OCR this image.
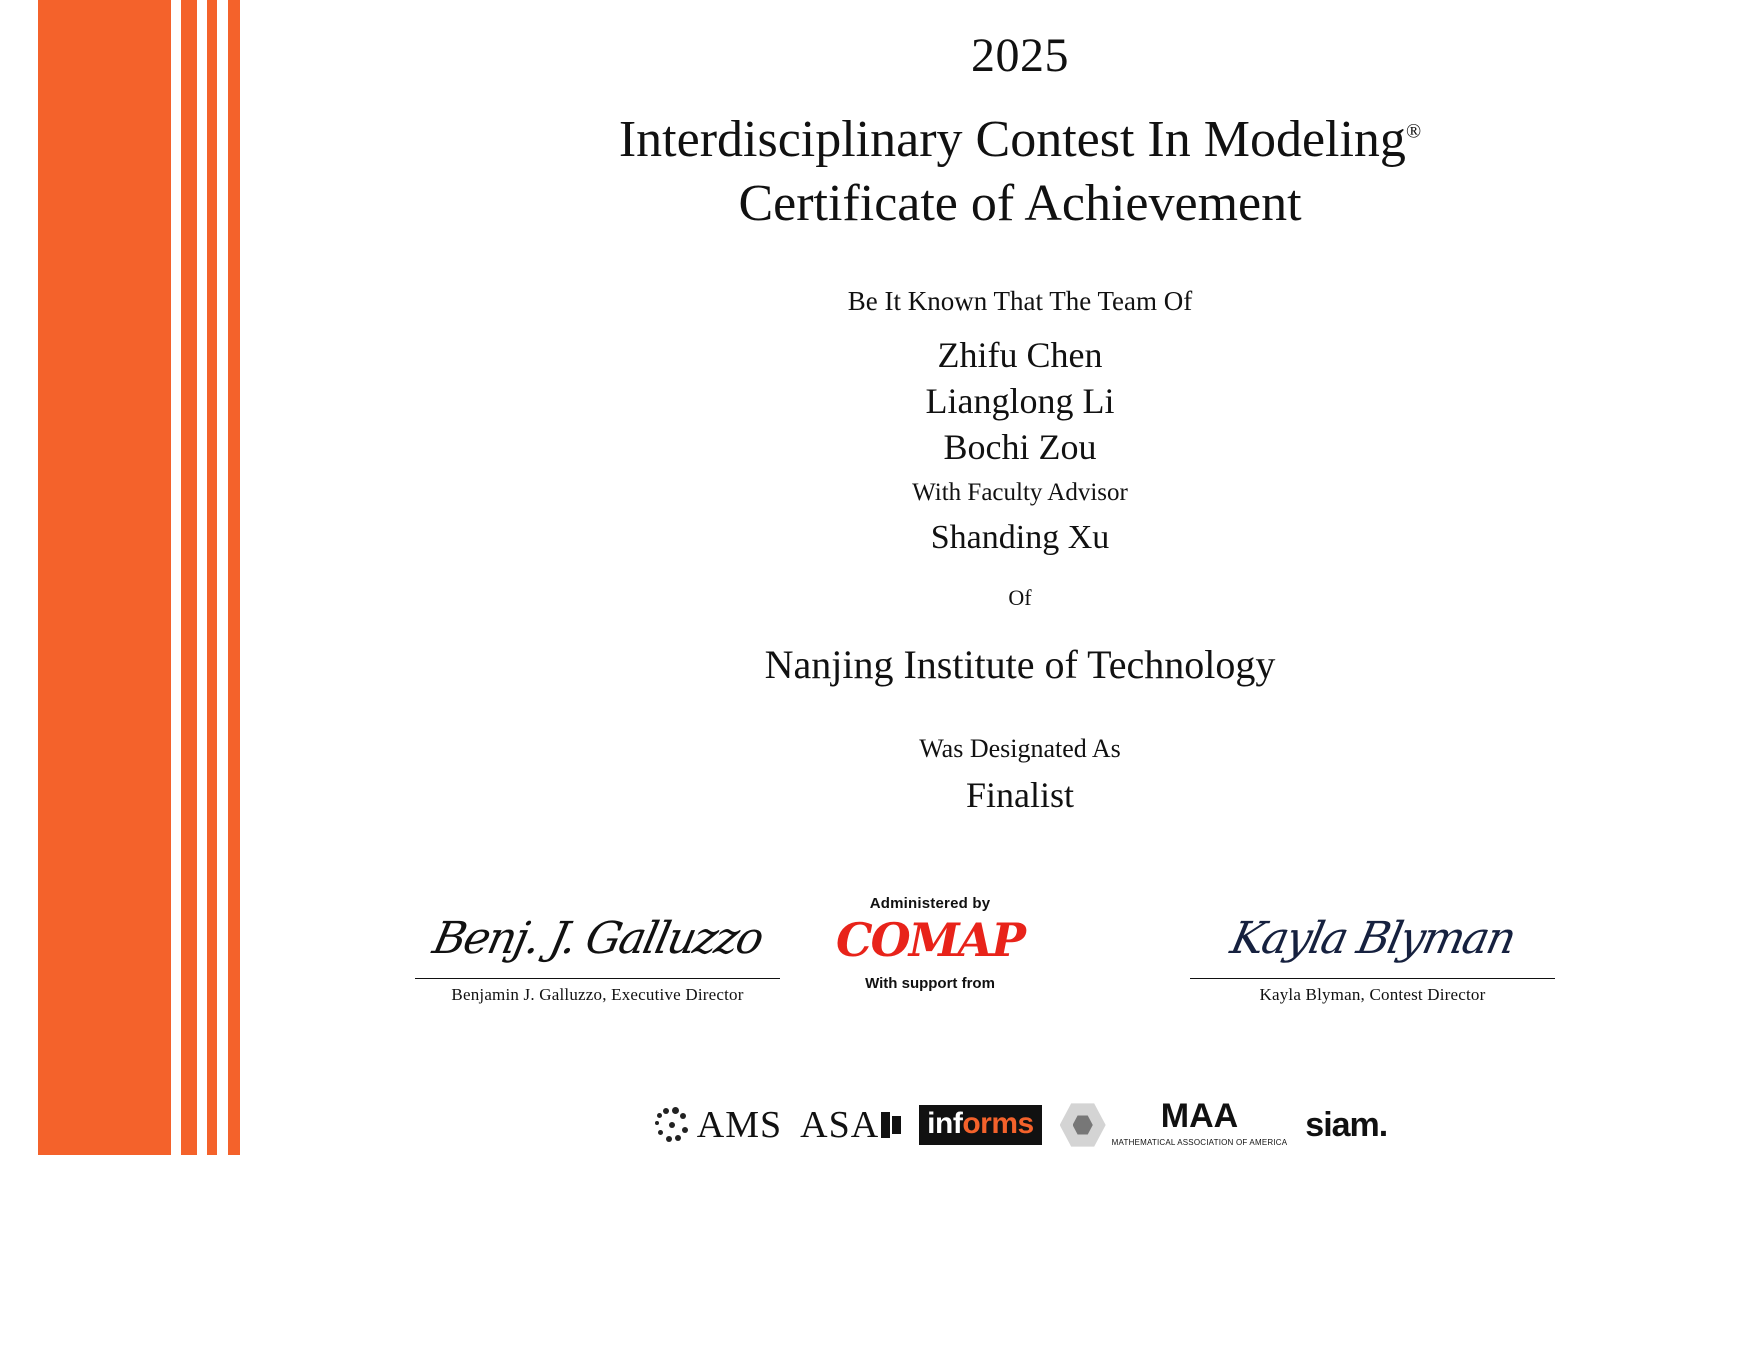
2025
Interdisciplinary Contest In Modeling®
Certificate of Achievement
Be It Known That The Team Of
Zhifu Chen
Lianglong Li
Bochi Zou
With Faculty Advisor
Shanding Xu
Of
Nanjing Institute of Technology
Was Designated As
Finalist
Benj. J. Galluzzo
Benjamin J. Galluzzo, Executive Director
Kayla Blyman
Kayla Blyman, Contest Director
Administered by
COMAP
With support from
AMS ASA informs	MAA
MATHEMATICAL ASSOCIATION OF AMERICA siam .
